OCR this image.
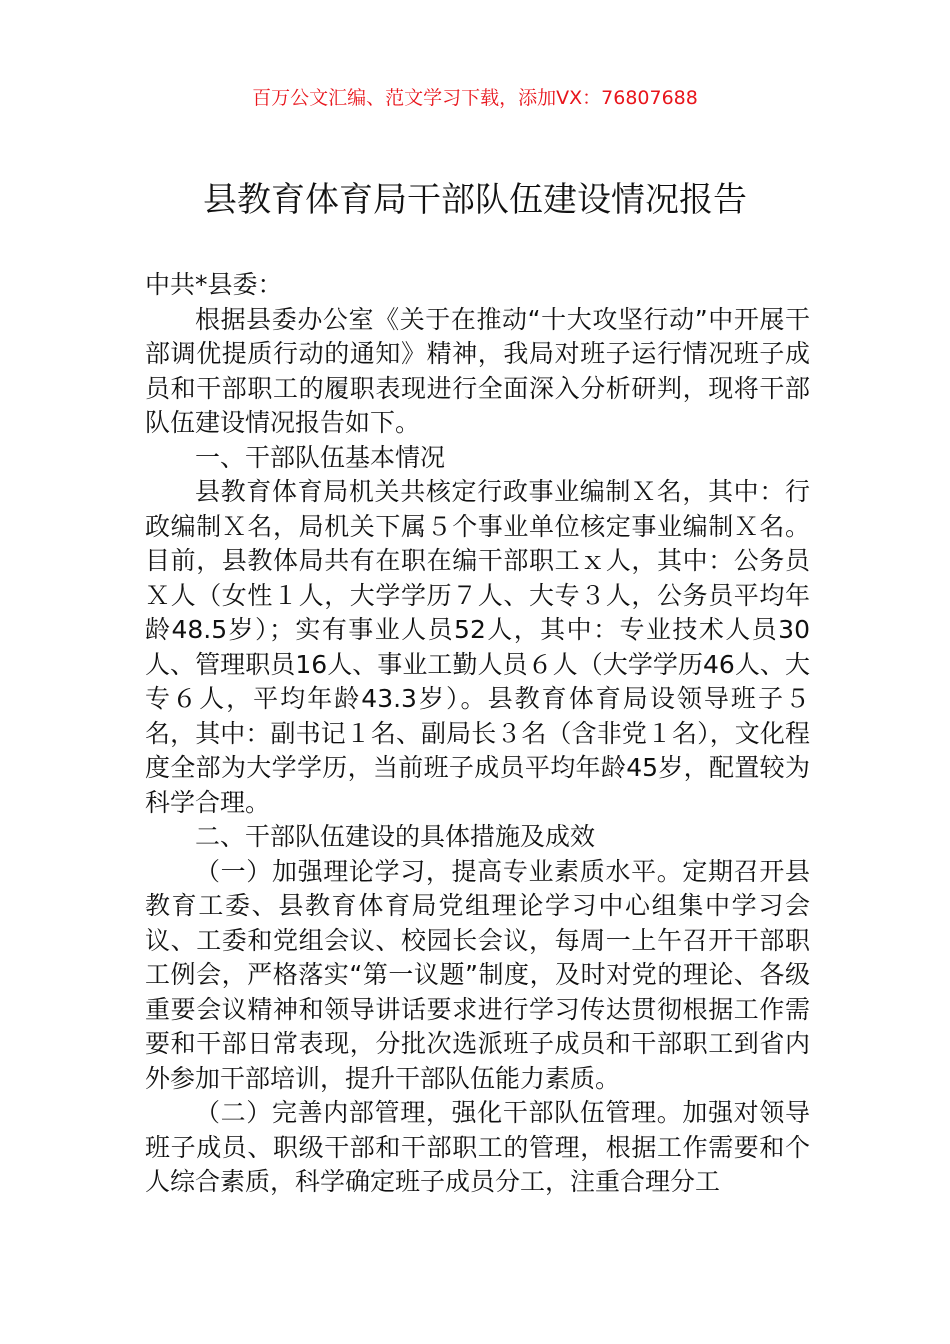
百万公文汇编、范文学习下载，添加VX：76807688
县教育体育局干部队伍建设情况报告

中共*县委：

根据县委办公室《关于在推动“十大攻坚行动”中开展干部调优提质行动的通知》精神，我局对班子运行情况班子成员和干部职工的履职表现进行全面深入分析研判，现将干部队伍建设情况报告如下。

一、干部队伍基本情况

县教育体育局机关共核定行政事业编制Ｘ名，其中：行政编制Ｘ名，局机关下属５个事业单位核定事业编制Ｘ名。目前，县教体局共有在职在编干部职工ｘ人，其中：公务员Ｘ人（女性１人，大学学历７人、大专３人，公务员平均年龄48.5岁）；实有事业人员52人，其中：专业技术人员30人、管理职员16人、事业工勤人员６人（大学学历46人、大专６人，平均年龄43.3岁）。县教育体育局设领导班子５名，其中：副书记１名、副局长３名（含非党１名），文化程度全部为大学学历，当前班子成员平均年龄45岁，配置较为科学合理。

二、干部队伍建设的具体措施及成效

（一）加强理论学习，提高专业素质水平。定期召开县教育工委、县教育体育局党组理论学习中心组集中学习会议、工委和党组会议、校园长会议，每周一上午召开干部职工例会，严格落实“第一议题”制度，及时对党的理论、各级重要会议精神和领导讲话要求进行学习传达贯彻根据工作需要和干部日常表现，分批次选派班子成员和干部职工到省内外参加干部培训，提升干部队伍能力素质。

（二）完善内部管理，强化干部队伍管理。加强对领导班子成员、职级干部和干部职工的管理，根据工作需要和个人综合素质，科学确定班子成员分工，注重合理分工
